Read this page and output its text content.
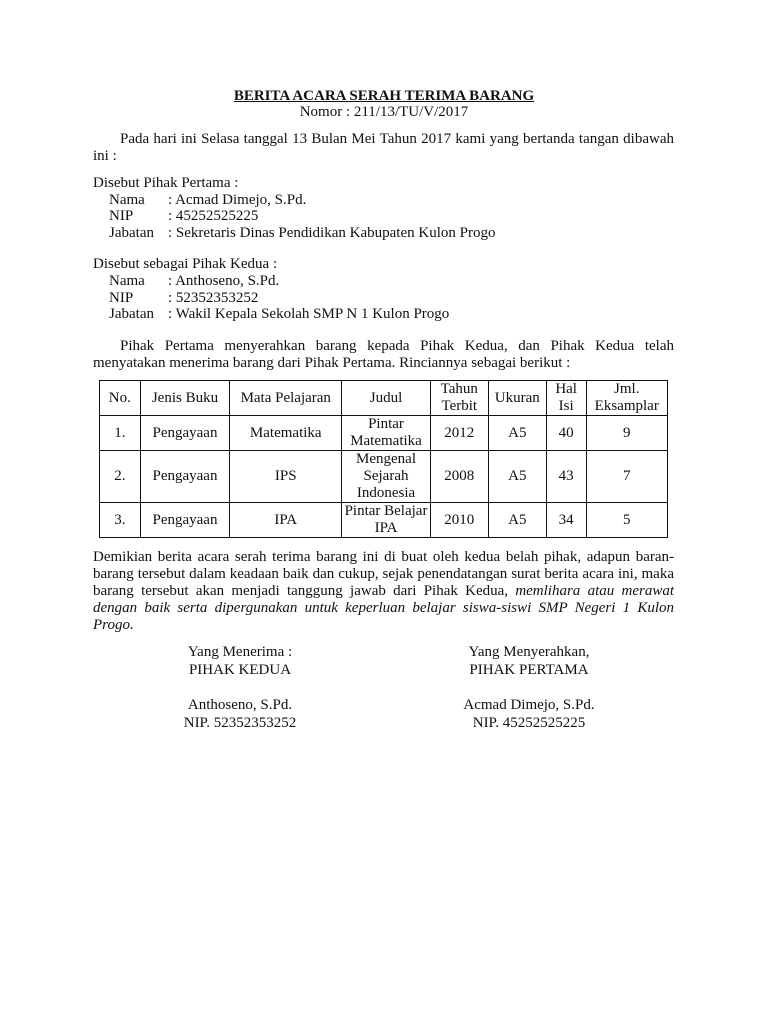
BERITA ACARA SERAH TERIMA BARANG
Nomor : 211/13/TU/V/2017
Pada hari ini Selasa tanggal 13 Bulan Mei Tahun 2017 kami yang bertanda tangan dibawah ini :
Disebut Pihak Pertama :
Nama : Acmad Dimejo, S.Pd.
NIP : 45252525225
Jabatan : Sekretaris Dinas Pendidikan Kabupaten Kulon Progo
Disebut sebagai Pihak Kedua :
Nama : Anthoseno, S.Pd.
NIP : 52352353252
Jabatan : Wakil Kepala Sekolah SMP N 1 Kulon Progo
Pihak Pertama menyerahkan barang kepada Pihak Kedua, dan Pihak Kedua telah menyatakan menerima barang dari Pihak Pertama. Rinciannya sebagai berikut :
No.	Jenis Buku	Mata Pelajaran	Judul	Tahun Terbit	Ukuran	Hal Isi	Jml. Eksamplar
1.	Pengayaan	Matematika	Pintar Matematika	2012	A5	40	9
2.	Pengayaan	IPS	Mengenal Sejarah Indonesia	2008	A5	43	7
3.	Pengayaan	IPA	Pintar Belajar IPA	2010	A5	34	5
Demikian berita acara serah terima barang ini di buat oleh kedua belah pihak, adapun baran-barang tersebut dalam keadaan baik dan cukup, sejak penendatangan surat berita acara ini, maka barang tersebut akan menjadi tanggung jawab dari Pihak Kedua, memlihara atau merawat dengan baik serta dipergunakan untuk keperluan belajar siswa-siswi SMP Negeri 1 Kulon Progo.
Yang Menerima :
PIHAK KEDUA
Anthoseno, S.Pd.
NIP. 52352353252
Yang Menyerahkan,
PIHAK PERTAMA
Acmad Dimejo, S.Pd.
NIP. 45252525225
